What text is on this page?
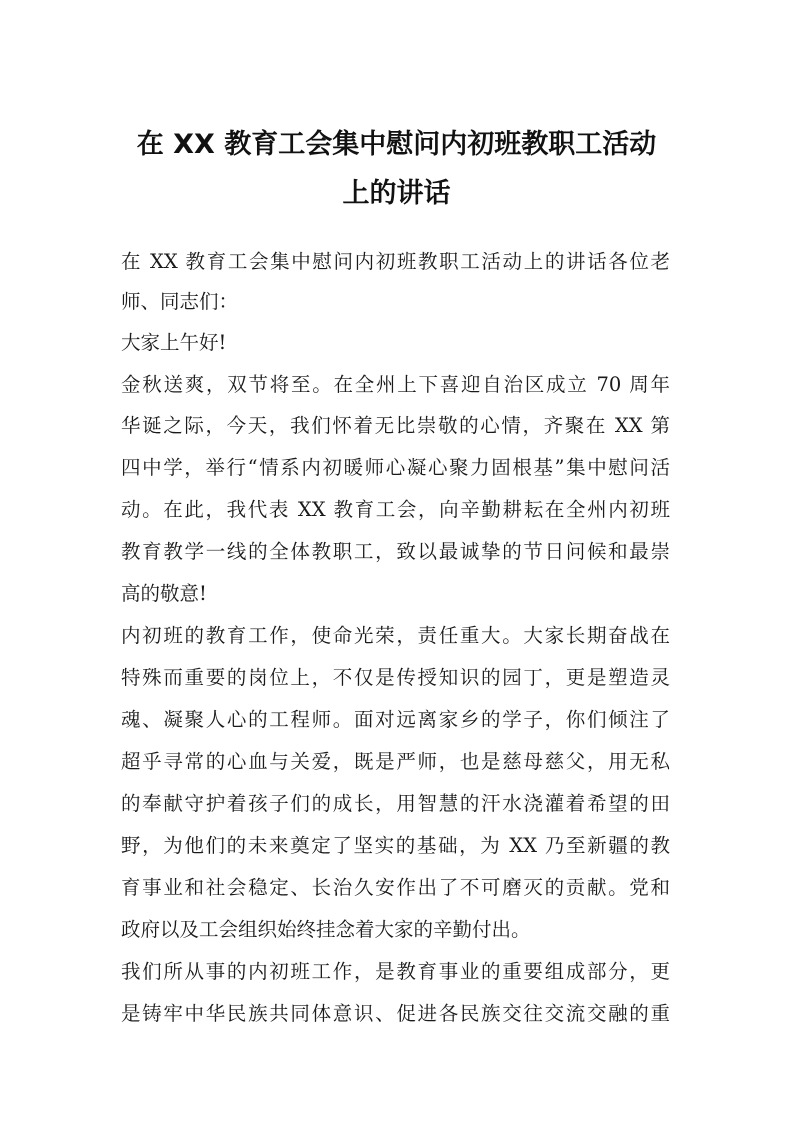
在 XX 教育工会集中慰问内初班教职工活动
上的讲话

在 XX 教育工会集中慰问内初班教职工活动上的讲话各位老

师、同志们：

大家上午好!

金秋送爽，双节将至。在全州上下喜迎自治区成立 70 周年

华诞之际，今天，我们怀着无比崇敬的心情，齐聚在 XX 第

四中学，举行“情系内初暖师心凝心聚力固根基”集中慰问活

动。在此，我代表 XX 教育工会，向辛勤耕耘在全州内初班

教育教学一线的全体教职工，致以最诚挚的节日问候和最崇

高的敬意!

内初班的教育工作，使命光荣，责任重大。大家长期奋战在

特殊而重要的岗位上，不仅是传授知识的园丁，更是塑造灵

魂、凝聚人心的工程师。面对远离家乡的学子，你们倾注了

超乎寻常的心血与关爱，既是严师，也是慈母慈父，用无私

的奉献守护着孩子们的成长，用智慧的汗水浇灌着希望的田

野，为他们的未来奠定了坚实的基础，为 XX 乃至新疆的教

育事业和社会稳定、长治久安作出了不可磨灭的贡献。党和

政府以及工会组织始终挂念着大家的辛勤付出。

我们所从事的内初班工作，是教育事业的重要组成部分，更

是铸牢中华民族共同体意识、促进各民族交往交流交融的重
